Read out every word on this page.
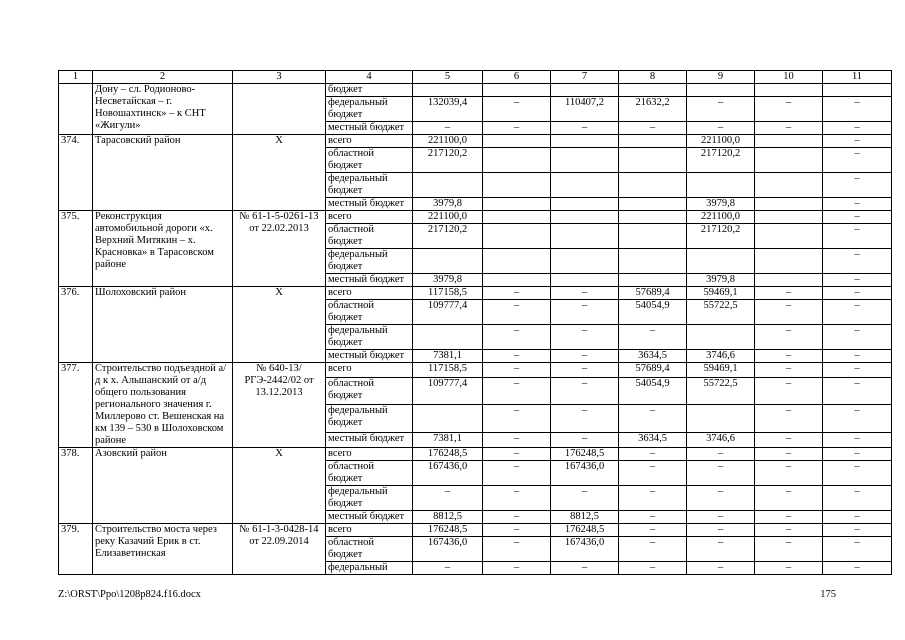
1	2	3	4	5	6	7	8	9	10	11
	Дону – сл. Родионово-Несветайская – г. Новошахтинск» – к СНТ «Жигули»		бюджет							
			федеральный бюджет	132039,4	–	110407,2	21632,2	–	–	–
			местный бюджет	–	–	–	–	–	–	–
374.	Тарасовский район	Х	всего	221100,0				221100,0		–
			областной бюджет	217120,2				217120,2		–
			федеральный бюджет							–
			местный бюджет	3979,8				3979,8		–
375.	Реконструкция автомобильной дороги «х. Верхний Митякин – х. Красновка» в Тарасовском районе	№ 61-1-5-0261-13 от 22.02.2013	всего	221100,0				221100,0		–
			областной бюджет	217120,2				217120,2		–
			федеральный бюджет							–
			местный бюджет	3979,8				3979,8		–
376.	Шолоховский район	Х	всего	117158,5	–	–	57689,4	59469,1	–	–
			областной бюджет	109777,4	–	–	54054,9	55722,5	–	–
			федеральный бюджет		–	–	–		–	–
			местный бюджет	7381,1	–	–	3634,5	3746,6	–	–
377.	Строительство подъездной а/д к х. Альшанский от а/д общего пользования регионального значения г. Миллерово ст. Вешенская на км 139 – 530 в Шолоховском районе	№ 640-13/ РГЭ-2442/02 от 13.12.2013	всего	117158,5	–	–	57689,4	59469,1	–	–
			областной бюджет	109777,4	–	–	54054,9	55722,5	–	–
			федеральный бюджет		–	–	–		–	–
			местный бюджет	7381,1	–	–	3634,5	3746,6	–	–
378.	Азовский район	Х	всего	176248,5	–	176248,5	–	–	–	–
			областной бюджет	167436,0	–	167436,0	–	–	–	–
			федеральный бюджет	–	–	–	–	–	–	–
			местный бюджет	8812,5	–	8812,5	–	–	–	–
379.	Строительство моста через реку Казачий Ерик в ст. Елизаветинская	№ 61-1-3-0428-14 от 22.09.2014	всего	176248,5	–	176248,5	–	–	–	–
			областной бюджет	167436,0	–	167436,0	–	–	–	–
			федеральный	–	–	–	–	–	–	–
Z:\ORST\Ppo\1208p824.f16.docx	175
